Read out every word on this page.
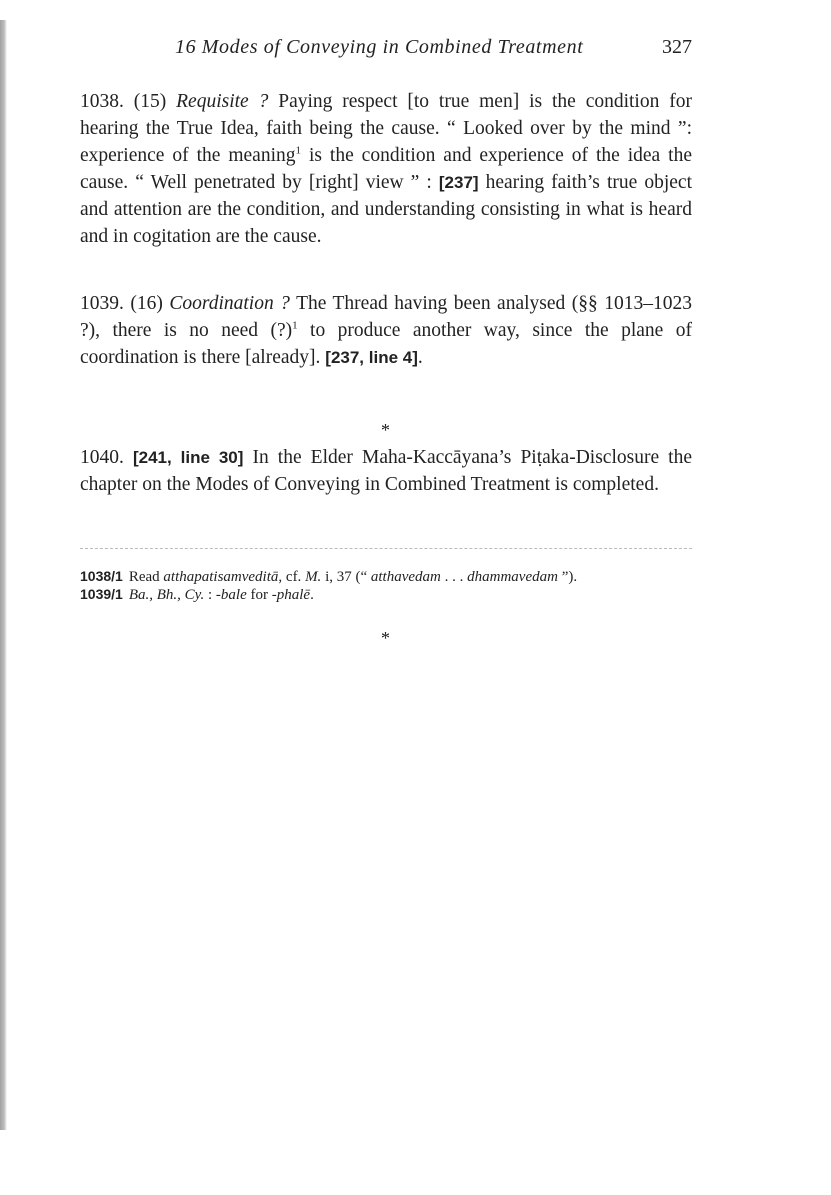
16 Modes of Conveying in Combined Treatment	327

1038. (15) Requisite ? Paying respect [to true men] is the condition for hearing the True Idea, faith being the cause. “ Looked over by the mind ”: experience of the meaning$^1$ is the condition and experience of the idea the cause. “ Well penetrated by [right] view ” : [237] hearing faith’s true object and attention are the condition, and understanding consisting in what is heard and in cogitation are the cause.

1039. (16) Coordination ? The Thread having been analysed (§§ 1013–1023 ?), there is no need (?)$^1$ to produce another way, since the plane of coordination is there [already]. [237, line 4].

*

1040. [241, line 30] In the Elder Maha-Kaccāyana’s Piṭaka-Disclosure the chapter on the Modes of Conveying in Combined Treatment is completed.

1038/1 Read atthapatisamveditā, cf. M. i, 37 (“ atthavedam . . . dhammavedam ”).
1039/1 Ba., Bh., Cy. : -bale for -phalē.
*
